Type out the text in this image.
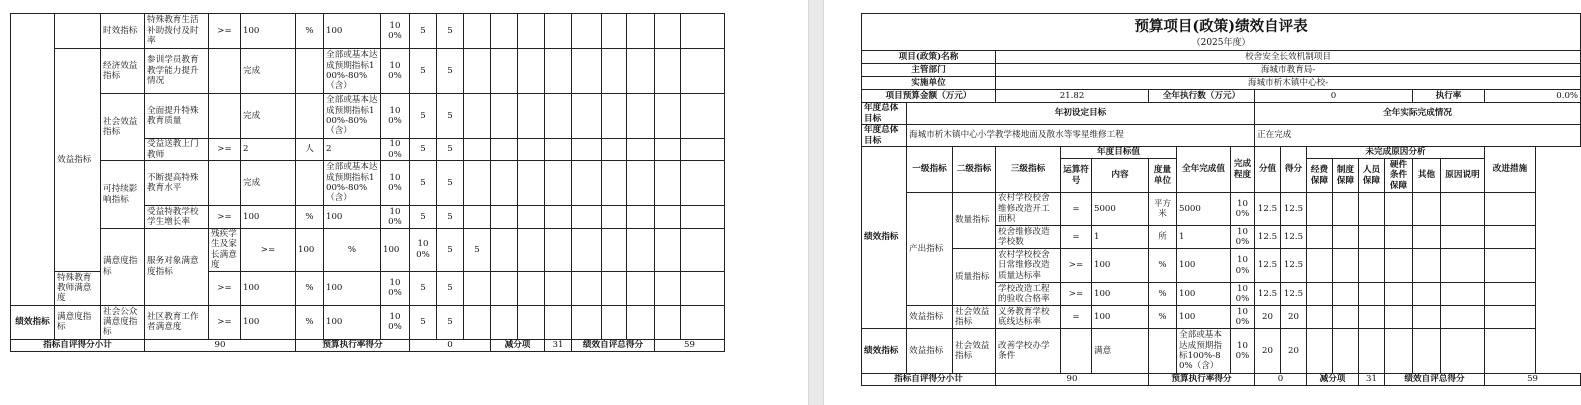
		时效指标	特殊教育生活补助拨付及时率	>=	100	%	100	100%	5	5										
	效益指标	经济效益指标	参训学员教育教学能力提升情况		完成		全部或基本达成预期指标100%-80%（含）	100%	5	5										
		社会效益指标	全面提升特殊教育质量		完成		全部或基本达成预期指标100%-80%（含）	100%	5	5										
			受益送教上门教师	>=	2	人	2	100%	5	5										
		可持续影响指标	不断提高特殊教育水平		完成		全部或基本达成预期指标100%-80%（含）	100%	5	5										
			受益特教学校学生增长率	>=	100	%	100	100%	5	5										
		满意度指标	服务对象满意度指标	残疾学生及家长满意度	>=	100	%	100	100%	5	5									
	特殊教育教师满意度			>=	100	%	100	100%	5	5										
绩效指标	满意度指标	社会公众满意度指标	社区教育工作者满意度	>=	100	%	100	100%	5	5										
指标自评得分小计			90			预算执行率得分			0			减分项		31	绩效自评总得分			59		
预算项目(政策)绩效自评表																	
（2025年度）																	
项目(政策)名称			校舍安全长效机制项目														
主管部门			海城市教育局-														
实施单位			海城市析木镇中心校-														
项目预算金额（万元）			21.82			全年执行数（万元）			0						执行率		0.0%
年度总体目标	年初设定目标								全年实际完成情况								
年度总体目标	海城市析木镇中心小学教学楼地面及散水等零星维修工程								正在完成								
绩效指标	一级指标	二级指标	三级指标	年度目标值			全年完成值	完成程度	分值	得分	未完成原因分析						改进措施
				运算符号	内容	度量单位					经费保障	制度保障	人员保障	硬件条件保障	其他	原因说明	
	产出指标	数量指标	农村学校校舍维修改造开工面积	=	5000	平方米	5000	100%	12.5	12.5							
			校舍维修改造学校数	=	1	所	1	100%	12.5	12.5							
		质量指标	农村学校校舍日常维修改造质量达标率	>=	100	%	100	100%	12.5	12.5							
			学校改造工程的验收合格率	>=	100	%	100	100%	12.5	12.5							
	效益指标	社会效益指标	义务教育学校底线达标率	=	100	%	100	100%	20	20							
绩效指标	效益指标	社会效益指标	改善学校办学条件		满意		全部或基本达成预期指标100%-80%（含）	100%	20	20							
指标自评得分小计			90			预算执行率得分			0		减分项		31	绩效自评总得分			59
